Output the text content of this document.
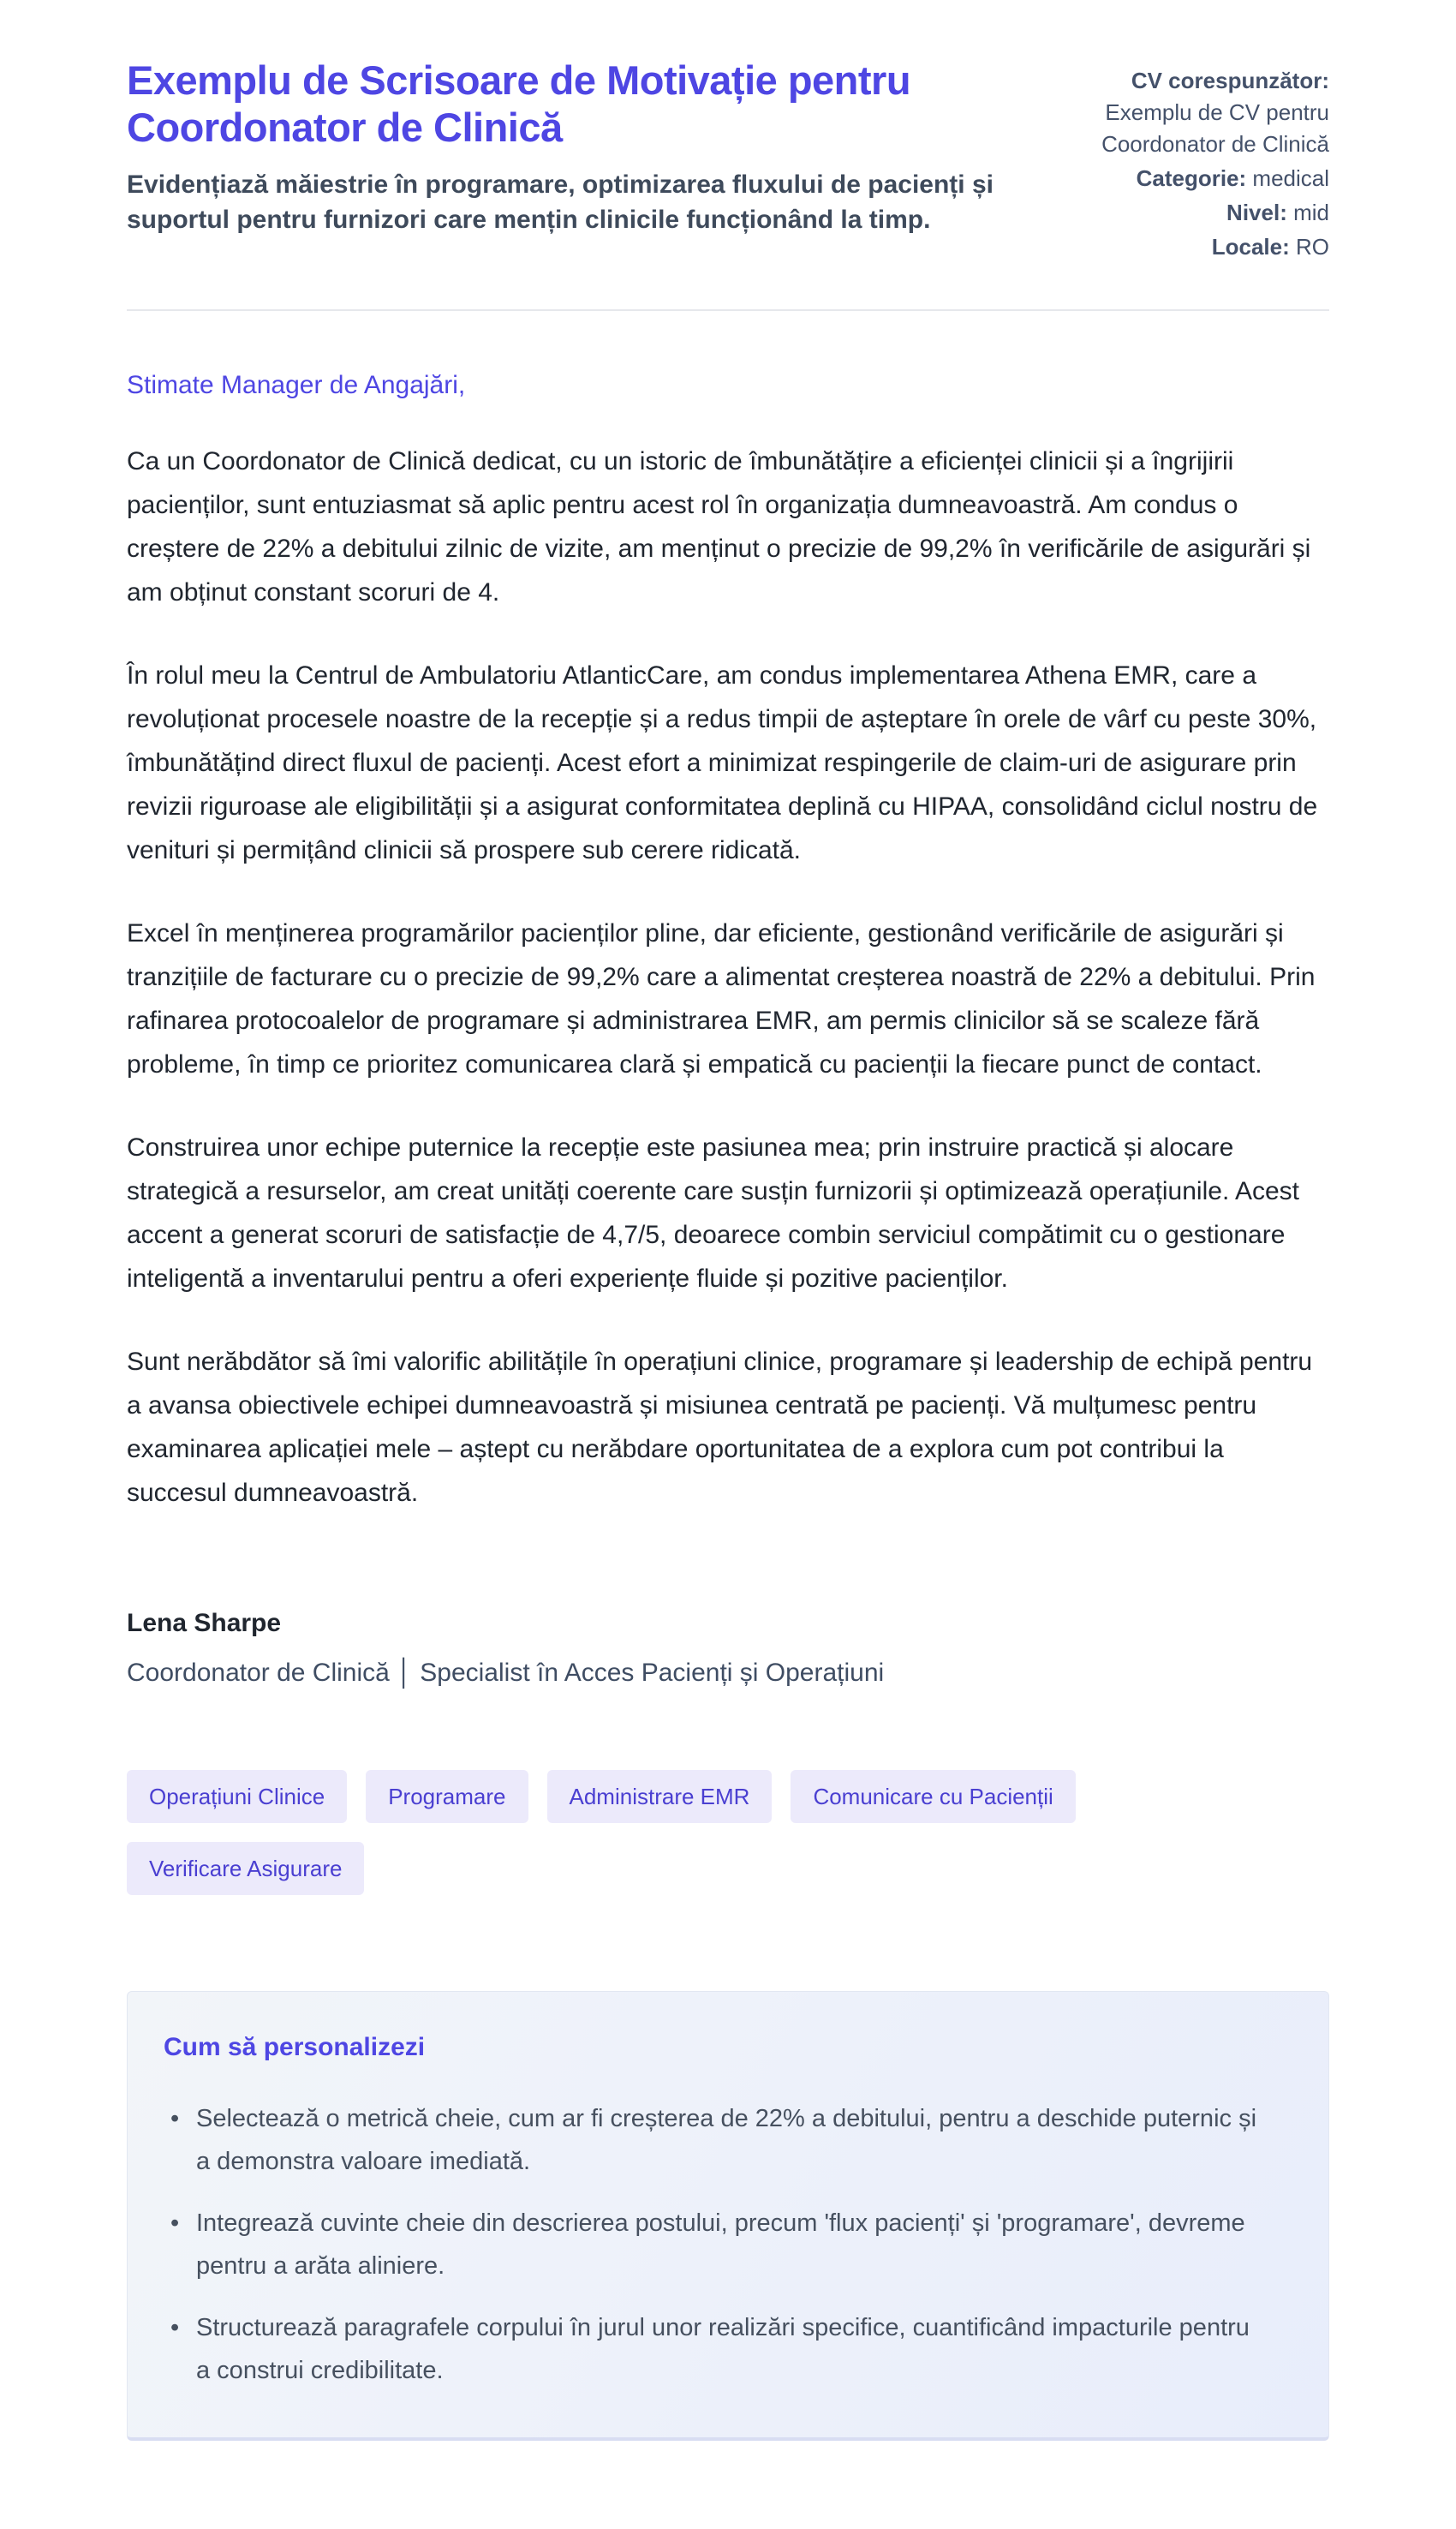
Exemplu de Scrisoare de Motivație pentru Coordonator de Clinică

Evidențiază măiestrie în programare, optimizarea fluxului de pacienți și suportul pentru furnizori care mențin clinicile funcționând la timp.

CV corespunzător: Exemplu de CV pentru Coordonator de Clinică
Categorie: medical
Nivel: mid
Locale: RO

Stimate Manager de Angajări,

Ca un Coordonator de Clinică dedicat, cu un istoric de îmbunătățire a eficienței clinicii și a îngrijirii pacienților, sunt entuziasmat să aplic pentru acest rol în organizația dumneavoastră. Am condus o creștere de 22% a debitului zilnic de vizite, am menținut o precizie de 99,2% în verificările de asigurări și am obținut constant scoruri de 4.

În rolul meu la Centrul de Ambulatoriu AtlanticCare, am condus implementarea Athena EMR, care a revoluționat procesele noastre de la recepție și a redus timpii de așteptare în orele de vârf cu peste 30%, îmbunătățind direct fluxul de pacienți. Acest efort a minimizat respingerile de claim-uri de asigurare prin revizii riguroase ale eligibilității și a asigurat conformitatea deplină cu HIPAA, consolidând ciclul nostru de venituri și permițând clinicii să prospere sub cerere ridicată.

Excel în menținerea programărilor pacienților pline, dar eficiente, gestionând verificările de asigurări și tranzițiile de facturare cu o precizie de 99,2% care a alimentat creșterea noastră de 22% a debitului. Prin rafinarea protocoalelor de programare și administrarea EMR, am permis clinicilor să se scaleze fără probleme, în timp ce prioritez comunicarea clară și empatică cu pacienții la fiecare punct de contact.

Construirea unor echipe puternice la recepție este pasiunea mea; prin instruire practică și alocare strategică a resurselor, am creat unități coerente care susțin furnizorii și optimizează operațiunile. Acest accent a generat scoruri de satisfacție de 4,7/5, deoarece combin serviciul compătimit cu o gestionare inteligentă a inventarului pentru a oferi experiențe fluide și pozitive pacienților.

Sunt nerăbdător să îmi valorific abilitățile în operațiuni clinice, programare și leadership de echipă pentru a avansa obiectivele echipei dumneavoastră și misiunea centrată pe pacienți. Vă mulțumesc pentru examinarea aplicației mele – aștept cu nerăbdare oportunitatea de a explora cum pot contribui la succesul dumneavoastră.

Lena Sharpe

Coordonator de Clinică │ Specialist în Acces Pacienți și Operațiuni

Operațiuni Clinice	Programare	Administrare EMR	Comunicare cu Pacienții
Verificare Asigurare
Cum să personalizezi
• Selectează o metrică cheie, cum ar fi creșterea de 22% a debitului, pentru a deschide puternic și a demonstra valoare imediată.
• Integrează cuvinte cheie din descrierea postului, precum 'flux pacienți' și 'programare', devreme pentru a arăta aliniere.
• Structurează paragrafele corpului în jurul unor realizări specifice, cuantificând impacturile pentru a construi credibilitate.
